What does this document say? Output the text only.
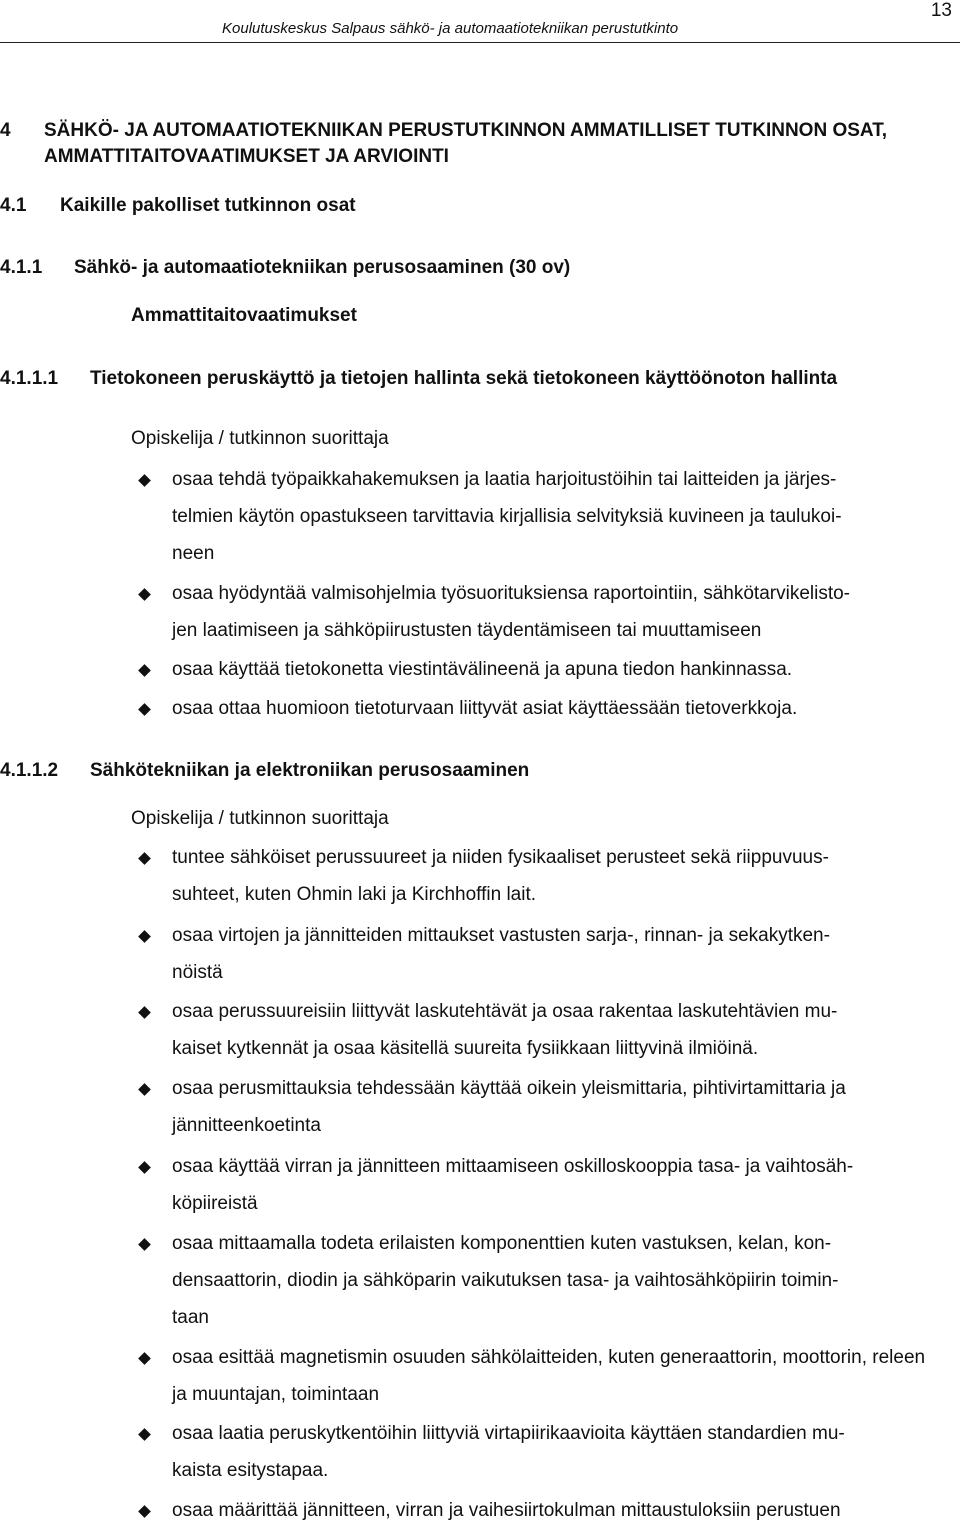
13
Koulutuskeskus Salpaus sähkö- ja automaatiotekniikan perustutkinto
4 SÄHKÖ- JA AUTOMAATIOTEKNIIKAN PERUSTUTKINNON AMMATILLISET TUTKINNON OSAT, AMMATTITAITOVAATIMUKSET JA ARVIOINTI
4.1 Kaikille pakolliset tutkinnon osat
4.1.1 Sähkö- ja automaatiotekniikan perusosaaminen (30 ov)
Ammattitaitovaatimukset
4.1.1.1 Tietokoneen peruskäyttö ja tietojen hallinta sekä tietokoneen käyttöönoton hallinta
Opiskelija / tutkinnon suorittaja
osaa tehdä työpaikkahakemuksen ja laatia harjoitustöihin tai laitteiden ja järjes-
telmien käytön opastukseen tarvittavia kirjallisia selvityksiä kuvineen ja taulukoi-
neen
osaa hyödyntää valmisohjelmia työsuorituksiensa raportointiin, sähkötarvikelisto-
jen laatimiseen ja sähköpiirustusten täydentämiseen tai muuttamiseen
osaa käyttää tietokonetta viestintävälineenä ja apuna tiedon hankinnassa.
osaa ottaa huomioon tietoturvaan liittyvät asiat käyttäessään tietoverkkoja.
4.1.1.2 Sähkötekniikan ja elektroniikan perusosaaminen
Opiskelija / tutkinnon suorittaja
tuntee sähköiset perussuureet ja niiden fysikaaliset perusteet sekä riippuvuus-
suhteet, kuten Ohmin laki ja Kirchhoffin lait.
osaa virtojen ja jännitteiden mittaukset vastusten sarja-, rinnan- ja sekakytken-
nöistä
osaa perussuureisiin liittyvät laskutehtävät ja osaa rakentaa laskutehtävien mu-
kaiset kytkennät ja osaa käsitellä suureita fysiikkaan liittyvinä ilmiöinä.
osaa perusmittauksia tehdessään käyttää oikein yleismittaria, pihtivirtamittaria ja
jännitteenkoetinta
osaa käyttää virran ja jännitteen mittaamiseen oskilloskooppia tasa- ja vaihtosäh-
köpiireistä
osaa mittaamalla todeta erilaisten komponenttien kuten vastuksen, kelan, kon-
densaattorin, diodin ja sähköparin vaikutuksen tasa- ja vaihtosähköpiirin toimin-
taan
osaa esittää magnetismin osuuden sähkölaitteiden, kuten generaattorin, moottorin, releen ja muuntajan, toimintaan
osaa laatia peruskytkentöihin liittyviä virtapiirikaavioita käyttäen standardien mu-
kaista esitystapaa.
osaa määrittää jännitteen, virran ja vaihesiirtokulman mittaustuloksiin perustuen
